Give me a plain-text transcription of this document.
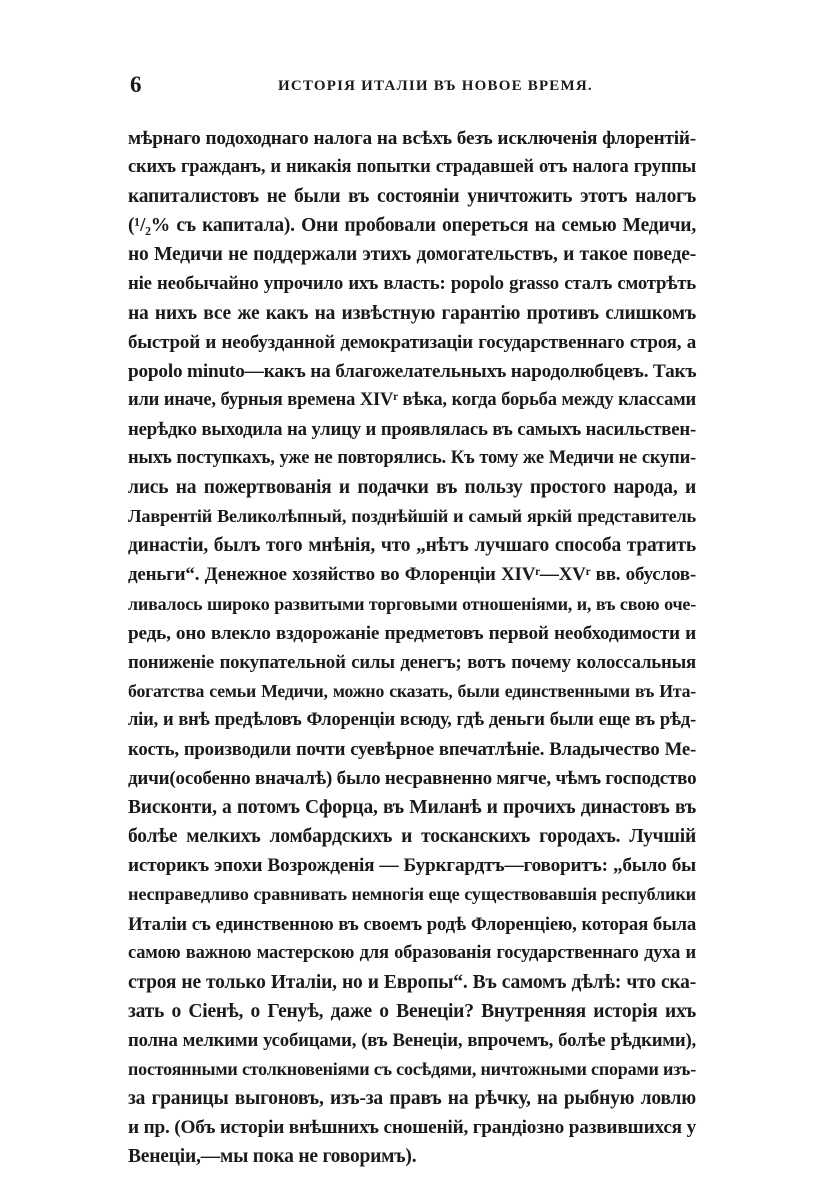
6	ИСТОРІЯ ИТАЛІИ ВЪ НОВОЕ ВРЕМЯ.
мѣрнаго подоходнаго налога на всѣхъ безъ исключенія флорентій-
скихъ гражданъ, и никакія попытки страдавшей отъ налога группы
капиталистовъ не были въ состояніи уничтожить этотъ налогъ
(¹/₂% съ капитала). Они пробовали опереться на семью Медичи,
но Медичи не поддержали этихъ домогательствъ, и такое поведе-
ніе необычайно упрочило ихъ власть: popolo grasso сталъ смотрѣть
на нихъ все же какъ на извѣстную гарантію противъ слишкомъ
быстрой и необузданной демократизаціи государственнаго строя, а
popolo minuto—какъ на благожелательныхъ народолюбцевъ. Такъ
или иначе, бурныя времена XIVʳ вѣка, когда борьба между классами
нерѣдко выходила на улицу и проявлялась въ самыхъ насильствен-
ныхъ поступкахъ, уже не повторялись. Къ тому же Медичи не скупи-
лись на пожертвованія и подачки въ пользу простого народа, и
Лаврентій Великолѣпный, позднѣйшій и самый яркій представитель
династіи, былъ того мнѣнія, что „нѣтъ лучшаго способа тратить
деньги“. Денежное хозяйство во Флоренціи XIVʳ—XVʳ вв. обуслов-
ливалось широко развитыми торговыми отношеніями, и, въ свою оче-
редь, оно влекло вздорожаніе предметовъ первой необходимости и
пониженіе покупательной силы денегъ; вотъ почему колоссальныя
богатства семьи Медичи, можно сказать, были единственными въ Ита-
ліи, и внѣ предѣловъ Флоренціи всюду, гдѣ деньги были еще въ рѣд-
кость, производили почти суевѣрное впечатлѣніе. Владычество Ме-
дичи(особенно вначалѣ) было несравненно мягче, чѣмъ господство
Висконти, а потомъ Сфорца, въ Миланѣ и прочихъ династовъ въ
болѣе мелкихъ ломбардскихъ и тосканскихъ городахъ. Лучшій
историкъ эпохи Возрожденія — Буркгардтъ—говоритъ: „было бы
несправедливо сравнивать немногія еще существовавшія республики
Италіи съ единственною въ своемъ родѣ Флоренціею, которая была
самою важною мастерскою для образованія государственнаго духа и
строя не только Италіи, но и Европы“. Въ самомъ дѣлѣ: что ска-
зать о Сіенѣ, о Генуѣ, даже о Венеціи? Внутренняя исторія ихъ
полна мелкими усобицами, (въ Венеціи, впрочемъ, болѣе рѣдкими),
постоянными столкновеніями съ сосѣдями, ничтожными спорами изъ-
за границы выгоновъ, изъ-за правъ на рѣчку, на рыбную ловлю
и пр. (Объ исторіи внѣшнихъ сношеній, грандіозно развившихся у
Венеціи,—мы пока не говоримъ).
